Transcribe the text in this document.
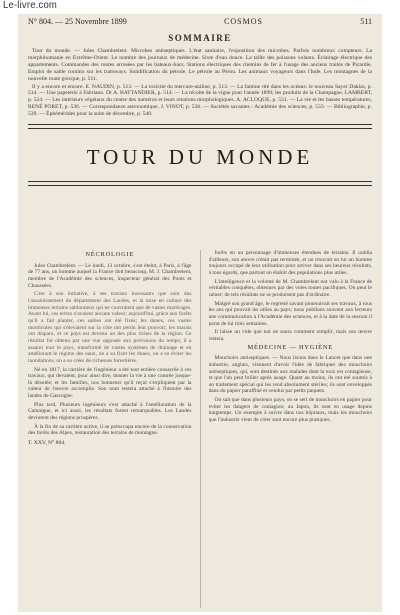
Le-livre.com
N° 804. — 25 Novembre 1899	COSMOS	511
SOMMAIRE

Tour du monde. — Jules Chambrelent. Microbes antiseptiques. L'état sanitaire, l'exposition des microbes. Parfois nombreux compteurs. La morphinomanie en Extrême-Orient. Le nombre des journaux de médecine. Sixte d'eau douce. La taille des poissons volants. Éclairage électrique des appartements. Commandes des routes arrosées par les bateaux-bacs. Stations électriques des chemins de fer à l'usage des anciens traités de Picardie. Emploi de sable continu sur les tramways. Solidification du pétrole. Le pétrole au Pérou. Les animaux voyageurs dans l'Inde. Les montagnes de la nouvelle route grecque, p. 511.

Il y a encore et encore. E. NAUDIN, p. 513. — La toxicité du mercure-aniline, p. 513. — La famine rité dans les océans: le nouveau Sayer Daklas, p. 514. — Une papeterie à Fabriano. Dr A. BATTANDIER, p. 514. — La récolte de la vigne pour l'année 1899; les produits de la Champagne, LAMBERT, p. 524. — Les intérieurs végétaux du centre des numéros et leurs relations morphologiques. A. ACLOQUE, p. 531. — La vie et les basses températures, RENÉ PORET, p. 536. — Correspondance astronomique, J. VINOT, p. 536. — Sociétés savantes : Académie des sciences, p. 533. — Bibliographie, p. 539. — Éphémérides pour la suite de décembre, p. 540.

TOUR DU MONDE
NÉCROLOGIE

Jules Chambrelent. — Le lundi, 13 octobre, s'est éteint, à Paris, à l'âge de 77 ans, un homme auquel la France doit beaucoup, M. J. Chambrelent, membre de l'Académie des sciences, inspecteur général des Ponts et Chaussées.

C'est à son initiative, à ses travaux incessants que sont dus l'assainissement du département des Landes, et la mise en culture des immenses terrains sablonneux qui ne couvraient que de vastes marécages. Avant lui, ces terres n'avaient aucune valeur; aujourd'hui, grâce aux forêts qu'il a fait planter, ces sables ont été fixés; les dunes, ces vastes monticules qui s'élevaient sur la côte ont perdu leur pouvoir; les marais ont disparu, et ce pays est devenu un des plus riches de la région. Ce résultat fut obtenu par une vue opposée aux prévisions du temps; il a assaini tout le pays, transformé de vastes systèmes de drainage et en améliorant le régime des eaux, on a su fixer les dunes, on a su éviter les inondations, on a su créer de richesses forestières.

Né en 1817, la carrière de l'ingénieur a été tout entière consacrée à ces travaux, qui devaient, pour ainsi dire, donner la vie à une contrée jusque-là désolée; et les familles, nos honneurs qu'il reçut s'expliquent par la valeur de l'œuvre accomplie. Son nom restera attaché à l'histoire des landes de Gascogne.

Plus tard, Plusieurs ingénieurs s'est attaché à l'amélioration de la Camargue, et ici aussi, les résultats furent remarquables. Les Landes devinrent des régions prospères.

À la fin de sa carrière active, il se préoccupa encore de la conservation des forêts des Alpes, restauration des terrains de montagne.

T. XXV, N° 804.

forêts en un personnage d'immenses étendues de terrains. Il oublia d'ailleurs, son œuvre n'était pas terminée, et on trouvait en lui un homme toujours occupé de leur utilisation pour arriver dans ses heureux résultats, à tous égards, que partout on établit des populations plus utiles.

L'intelligence et la volonté de M. Chambrelent ont valu à la France de véritables conquêtes, obtenues par des voies toutes pacifiques. On peut le saluer: de tels résultats ne se produisent pas d'ordinaire.

Malgré son grand âge, le regretté savant poursuivait ses travaux, à tous les ans qui pouvait les utiles au pays; nous publions souvent aux lecteurs une communication à l'Académie des sciences, et à la date de la session il parut de lui trois semaines.

Il laisse un vide que nul ne saura comment remplir, mais son œuvre restera.

MÉDECINE — HYGIÈNE

Mouchoirs antiseptiques. — Nous lisons dans le Lancet que dans une industrie, anglais, viennent d'avoir l'idée de fabriquer des mouchoirs antiseptiques, qui, sont destinés aux malades dont la toux est contagieuse, et que l'on peut brûler après usage. Quant au moins, ils ont été soumis à un traitement spécial qui les rend absolument stériles; ils sont enveloppés dans du papier paraffiné et vendus par petits paquets.

On sait que dans plusieurs pays, on se sert de mouchoirs en papier pour éviter les dangers de contagion; au Japon, ils sont en usage depuis longtemps. Un exemple à suivre dans nos hôpitaux, mais les mouchoirs que l'industrie vient de créer sont encore plus pratiques.
